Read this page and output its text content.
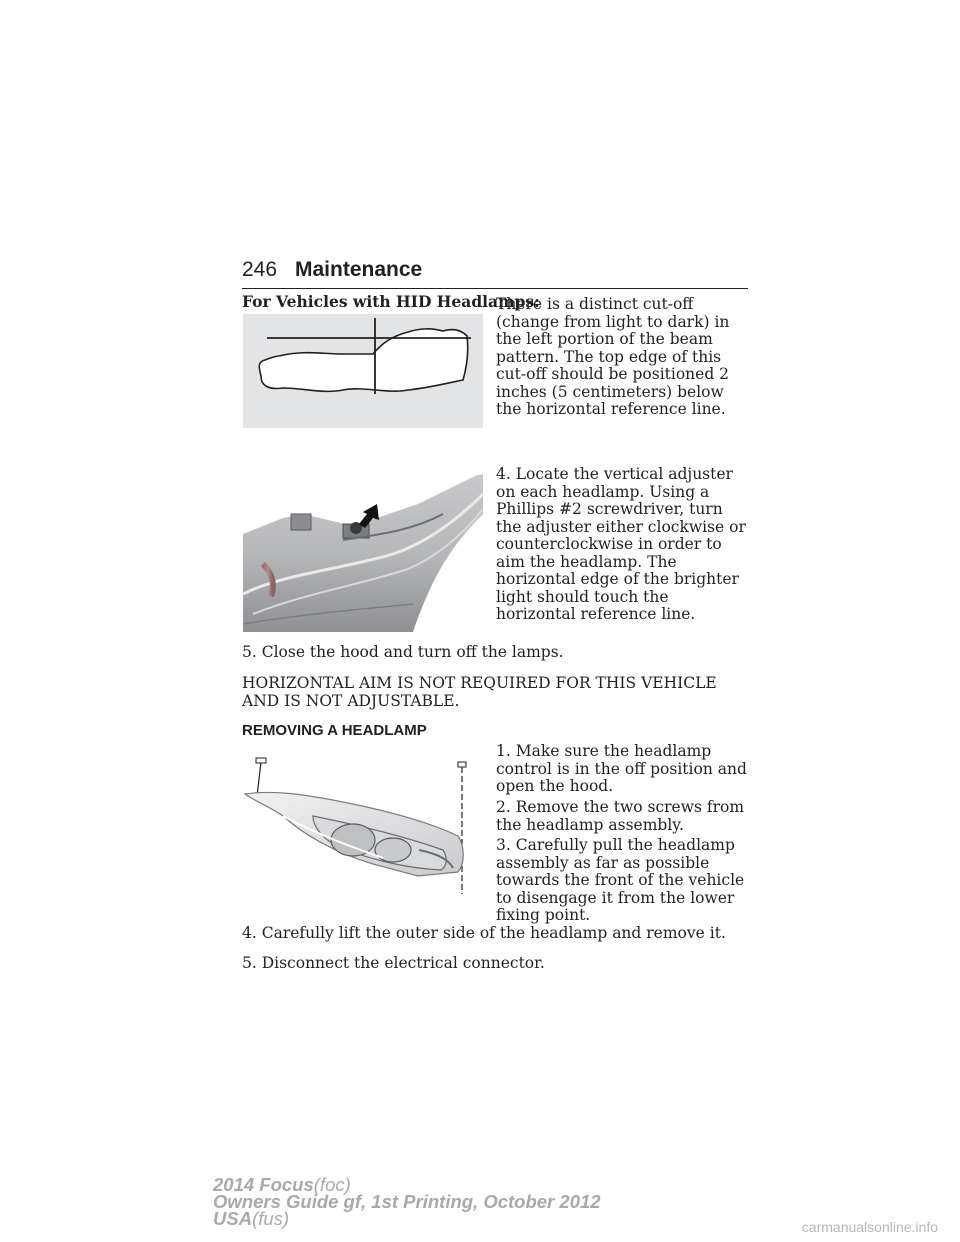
246 Maintenance

For Vehicles with HID Headlamps:

There is a distinct cut-off (change from light to dark) in the left portion of the beam pattern. The top edge of this cut-off should be positioned 2 inches (5 centimeters) below the horizontal reference line.

4. Locate the vertical adjuster on each headlamp. Using a Phillips #2 screwdriver, turn the adjuster either clockwise or counterclockwise in order to aim the headlamp. The horizontal edge of the brighter light should touch the horizontal reference line.

5. Close the hood and turn off the lamps.

HORIZONTAL AIM IS NOT REQUIRED FOR THIS VEHICLE AND IS NOT ADJUSTABLE.

REMOVING A HEADLAMP

1. Make sure the headlamp control is in the off position and open the hood.

2. Remove the two screws from the headlamp assembly.

3. Carefully pull the headlamp assembly as far as possible towards the front of the vehicle to disengage it from the lower fixing point.

4. Carefully lift the outer side of the headlamp and remove it.

5. Disconnect the electrical connector.

2014 Focus(foc)
Owners Guide gf, 1st Printing, October 2012
USA(fus)	carmanualsonline.info
